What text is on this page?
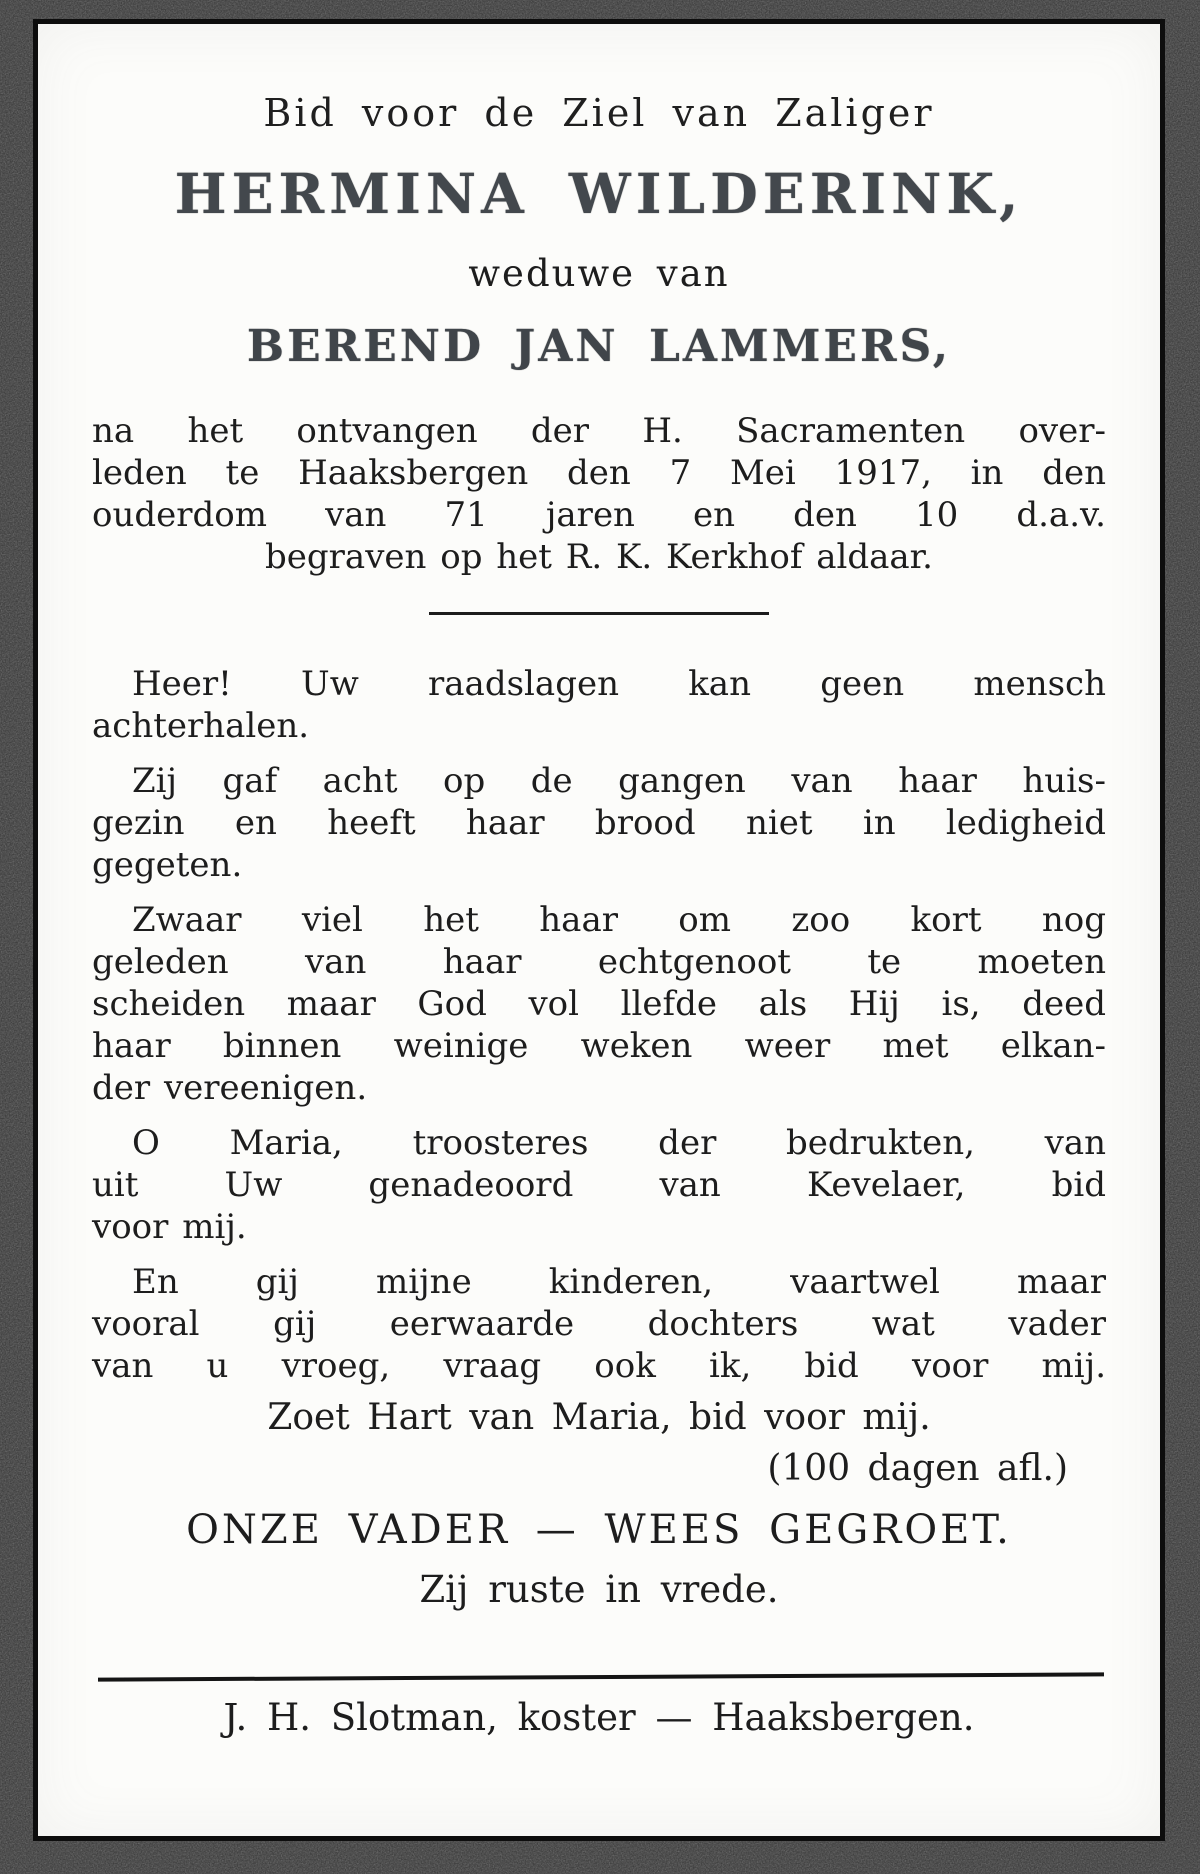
Bid voor de Ziel van Zaliger
HERMINA WILDERINK,
weduwe van
BEREND JAN LAMMERS,
na het ontvangen der H. Sacramenten over-
leden te Haaksbergen den 7 Mei 1917, in den
ouderdom van 71 jaren en den 10 d.a.v.
begraven op het R. K. Kerkhof aldaar.
Heer! Uw raadslagen kan geen mensch
achterhalen.
Zij gaf acht op de gangen van haar huis-
gezin en heeft haar brood niet in ledigheid
gegeten.
Zwaar viel het haar om zoo kort nog
geleden van haar echtgenoot te moeten
scheiden maar God vol llefde als Hij is, deed
haar binnen weinige weken weer met elkan-
der vereenigen.
O Maria, troosteres der bedrukten, van
uit Uw genadeoord van Kevelaer, bid
voor mij.
En gij mijne kinderen, vaartwel maar
vooral gij eerwaarde dochters wat vader
van u vroeg, vraag ook ik, bid voor mij.
Zoet Hart van Maria, bid voor mij.
(100 dagen afl.)
ONZE VADER — WEES GEGROET.
Zij ruste in vrede.
J. H. Slotman, koster — Haaksbergen.
